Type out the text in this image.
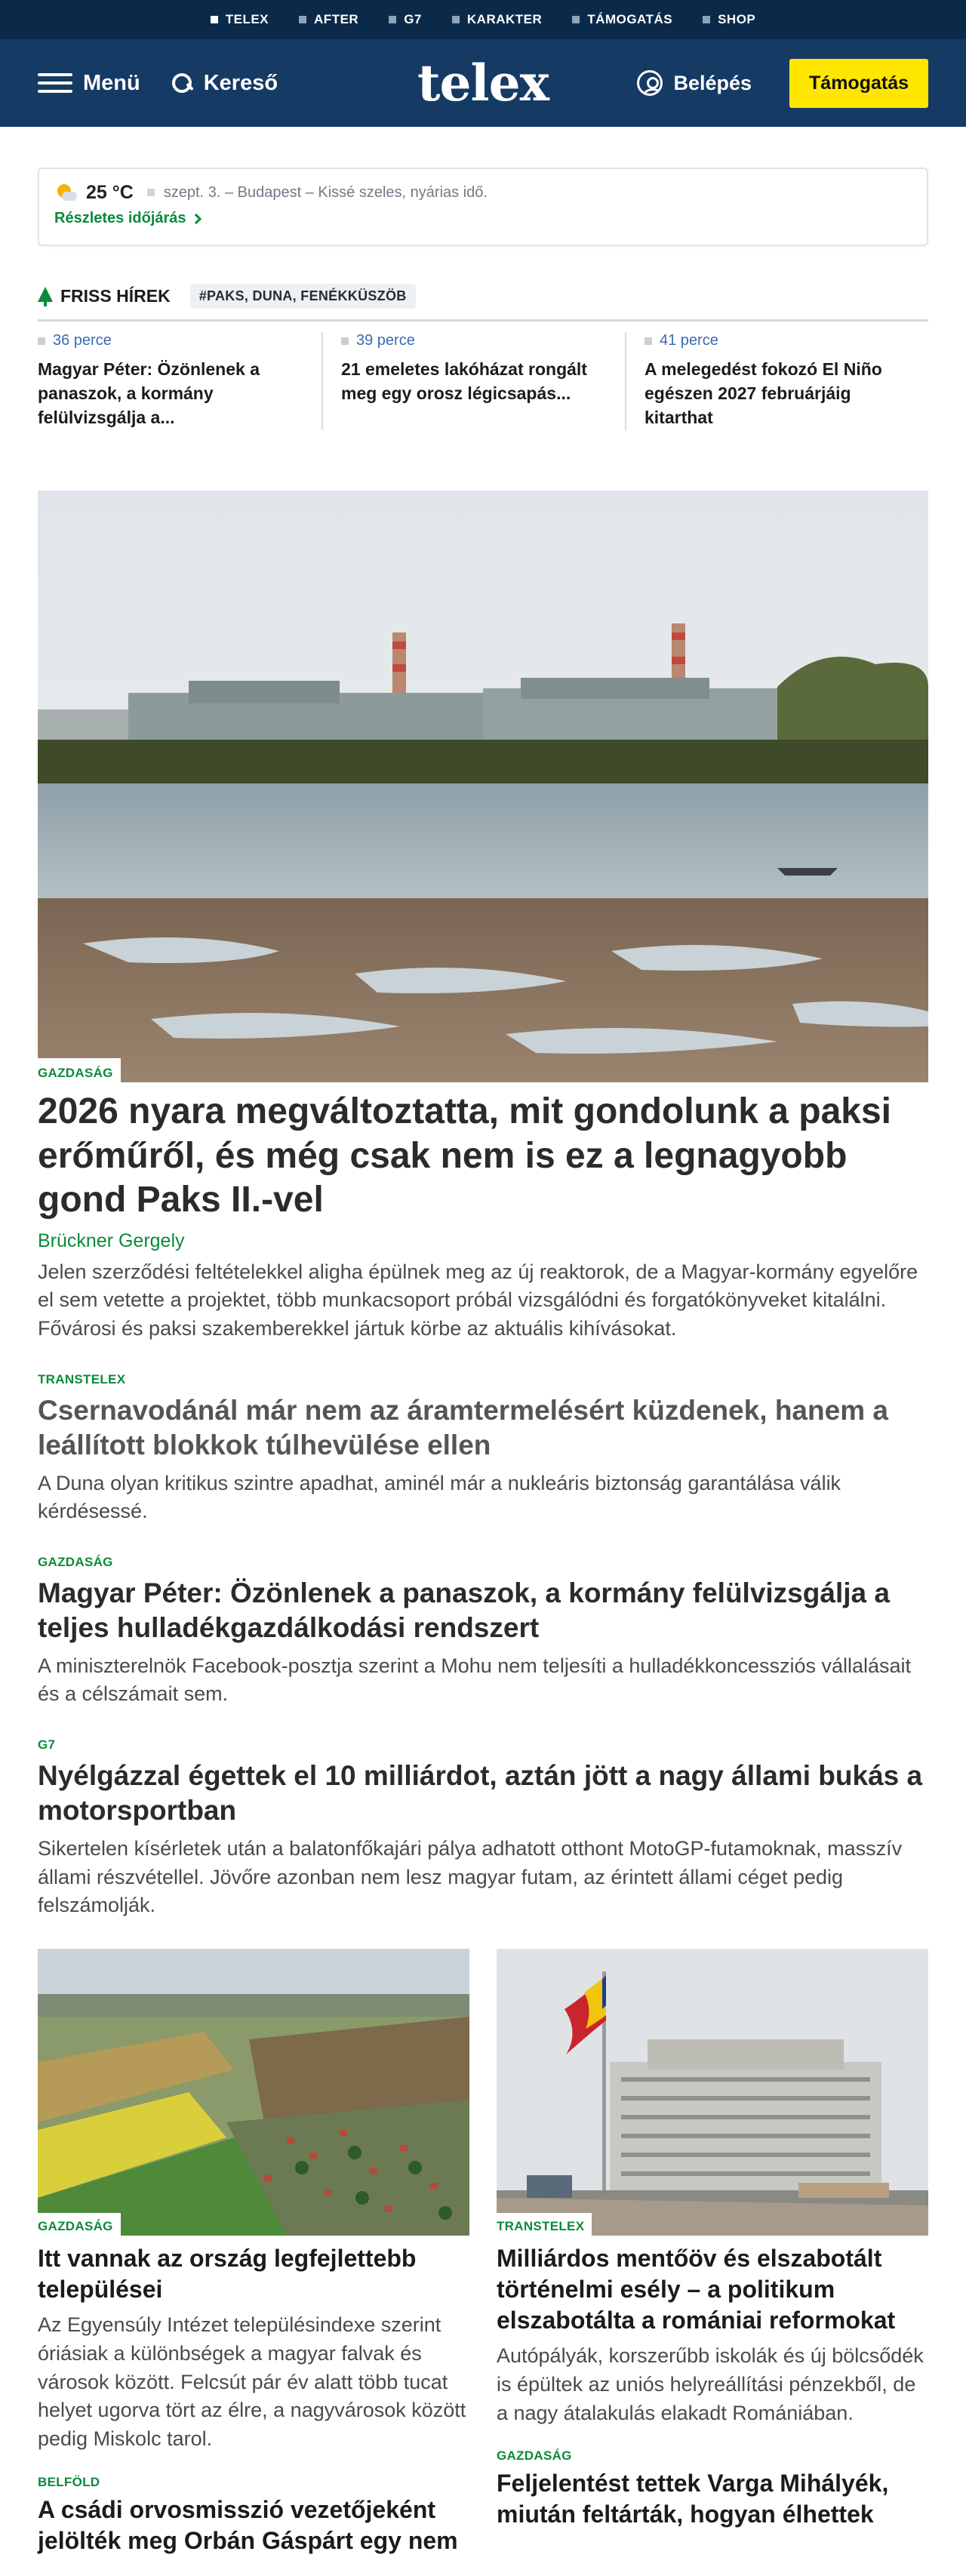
TELEX	AFTER	G7	KARAKTER	TÁMOGATÁS	SHOP
Menü	Kereső	telex	Belépés	Támogatás
25 °C szept. 3. – Budapest – Kissé szeles, nyárias idő.
Részletes időjárás
FRISS HÍREK	#PAKS, DUNA, FENÉKKÜSZÖB
36 perce
Magyar Péter: Özönlenek a panaszok, a kormány felülvizsgálja a...
39 perce
21 emeletes lakóházat rongált meg egy orosz légicsapás...
41 perce
A melegedést fokozó El Niño egészen 2027 februárjáig kitarthat
GAZDASÁG
2026 nyara megváltoztatta, mit gondolunk a paksi erőműről, és még csak nem is ez a legnagyobb gond Paks II.-vel
Brückner Gergely

Jelen szerződési feltételekkel aligha épülnek meg az új reaktorok, de a Magyar-kormány egyelőre el sem vetette a projektet, több munkacsoport próbál vizsgálódni és forgatókönyveket kitalálni. Fővárosi és paksi szakemberekkel jártuk körbe az aktuális kihívásokat.

TRANSTELEX
Csernavodánál már nem az áramtermelésért küzdenek, hanem a leállított blokkok túlhevülése ellen

A Duna olyan kritikus szintre apadhat, aminél már a nukleáris biztonság garantálása válik kérdésessé.

GAZDASÁG
Magyar Péter: Özönlenek a panaszok, a kormány felülvizsgálja a teljes hulladékgazdálkodási rendszert

A miniszterelnök Facebook-posztja szerint a Mohu nem teljesíti a hulladékkoncessziós vállalásait és a célszámait sem.

G7
Nyélgázzal égettek el 10 milliárdot, aztán jött a nagy állami bukás a motorsportban

Sikertelen kísérletek után a balatonfőkajári pálya adhatott otthont MotoGP-futamoknak, masszív állami részvétellel. Jövőre azonban nem lesz magyar futam, az érintett állami céget pedig felszámolják.

GAZDASÁG
Itt vannak az ország legfejlettebb települései

Az Egyensúly Intézet településindexe szerint óriásiak a különbségek a magyar falvak és városok között. Felcsút pár év alatt több tucat helyet ugorva tört az élre, a nagyvárosok között pedig Miskolc tarol.

BELFÖLD
A csádi orvosmisszió vezetőjeként jelölték meg Orbán Gáspárt egy nem
TRANSTELEX
Milliárdos mentőöv és elszabotált történelmi esély – a politikum elszabotálta a romániai reformokat

Autópályák, korszerűbb iskolák és új bölcsődék is épültek az uniós helyreállítási pénzekből, de a nagy átalakulás elakadt Romániában.

GAZDASÁG
Feljelentést tettek Varga Mihályék, miután feltárták, hogyan élhettek
